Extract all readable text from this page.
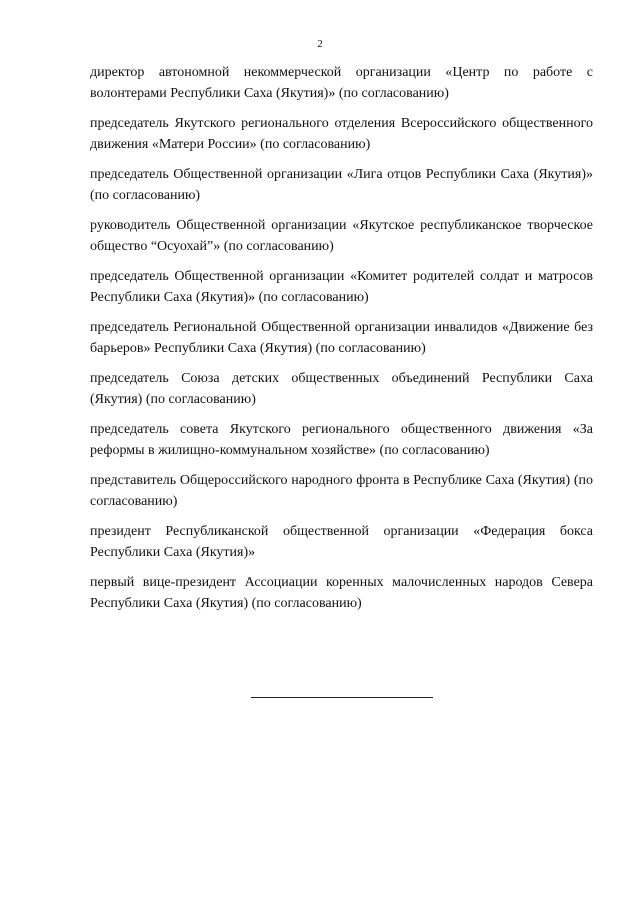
2
директор автономной некоммерческой организации «Центр по работе с волонтерами Республики Саха (Якутия)» (по согласованию)
председатель Якутского регионального отделения Всероссийского общественного движения «Матери России» (по согласованию)
председатель Общественной организации «Лига отцов Республики Саха (Якутия)» (по согласованию)
руководитель Общественной организации «Якутское республиканское творческое общество “Осуохай”» (по согласованию)
председатель Общественной организации «Комитет родителей солдат и матросов Республики Саха (Якутия)» (по согласованию)
председатель Региональной Общественной организации инвалидов «Движение без барьеров» Республики Саха (Якутия) (по согласованию)
председатель Союза детских общественных объединений Республики Саха (Якутия) (по согласованию)
председатель совета Якутского регионального общественного движения «За реформы в жилищно-коммунальном хозяйстве» (по согласованию)
представитель Общероссийского народного фронта в Республике Саха (Якутия) (по согласованию)
президент Республиканской общественной организации «Федерация бокса Республики Саха (Якутия)»
первый вице-президент Ассоциации коренных малочисленных народов Севера Республики Саха (Якутия) (по согласованию)
